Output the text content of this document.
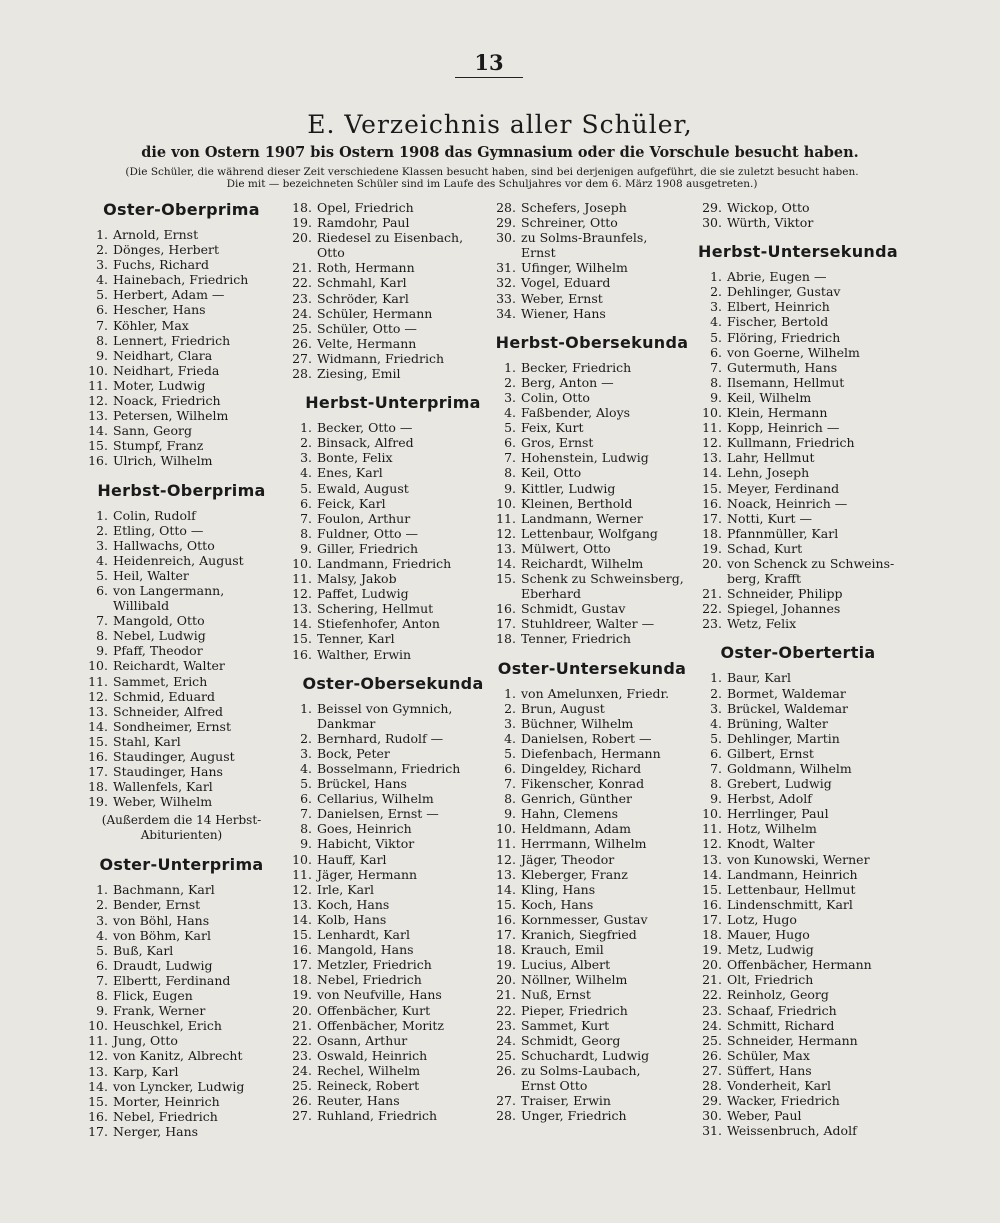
13
E. Verzeichnis aller Schüler,
die von Ostern 1907 bis Ostern 1908 das Gymnasium oder die Vorschule besucht haben.
(Die Schüler, die während dieser Zeit verschiedene Klassen besucht haben, sind bei derjenigen aufgeführt, die sie zuletzt besucht haben.
Die mit — bezeichneten Schüler sind im Laufe des Schuljahres vor dem 6. März 1908 ausgetreten.)
Oster-Oberprima
1. Arnold, Ernst
2. Dönges, Herbert
3. Fuchs, Richard
4. Hainebach, Friedrich
5. Herbert, Adam —
6. Hescher, Hans
7. Köhler, Max
8. Lennert, Friedrich
9. Neidhart, Clara
10. Neidhart, Frieda
11. Moter, Ludwig
12. Noack, Friedrich
13. Petersen, Wilhelm
14. Sann, Georg
15. Stumpf, Franz
16. Ulrich, Wilhelm
Herbst-Oberprima
1. Colin, Rudolf
2. Etling, Otto —
3. Hallwachs, Otto
4. Heidenreich, August
5. Heil, Walter
6. von Langermann,
Willibald
7. Mangold, Otto
8. Nebel, Ludwig
9. Pfaff, Theodor
10. Reichardt, Walter
11. Sammet, Erich
12. Schmid, Eduard
13. Schneider, Alfred
14. Sondheimer, Ernst
15. Stahl, Karl
16. Staudinger, August
17. Staudinger, Hans
18. Wallenfels, Karl
19. Weber, Wilhelm
(Außerdem die 14 Herbst-Abiturienten)
Oster-Unterprima
1. Bachmann, Karl
2. Bender, Ernst
3. von Böhl, Hans
4. von Böhm, Karl
5. Buß, Karl
6. Draudt, Ludwig
7. Elbertt, Ferdinand
8. Flick, Eugen
9. Frank, Werner
10. Heuschkel, Erich
11. Jung, Otto
12. von Kanitz, Albrecht
13. Karp, Karl
14. von Lyncker, Ludwig
15. Morter, Heinrich
16. Nebel, Friedrich
17. Nerger, Hans
18. Opel, Friedrich
19. Ramdohr, Paul
20. Riedesel zu Eisenbach,
Otto
21. Roth, Hermann
22. Schmahl, Karl
23. Schröder, Karl
24. Schüler, Hermann
25. Schüler, Otto —
26. Velte, Hermann
27. Widmann, Friedrich
28. Ziesing, Emil
Herbst-Unterprima
1. Becker, Otto —
2. Binsack, Alfred
3. Bonte, Felix
4. Enes, Karl
5. Ewald, August
6. Feick, Karl
7. Foulon, Arthur
8. Fuldner, Otto —
9. Giller, Friedrich
10. Landmann, Friedrich
11. Malsy, Jakob
12. Paffet, Ludwig
13. Schering, Hellmut
14. Stiefenhofer, Anton
15. Tenner, Karl
16. Walther, Erwin
Oster-Obersekunda
1. Beissel von Gymnich,
Dankmar
2. Bernhard, Rudolf —
3. Bock, Peter
4. Bosselmann, Friedrich
5. Brückel, Hans
6. Cellarius, Wilhelm
7. Danielsen, Ernst —
8. Goes, Heinrich
9. Habicht, Viktor
10. Hauff, Karl
11. Jäger, Hermann
12. Irle, Karl
13. Koch, Hans
14. Kolb, Hans
15. Lenhardt, Karl
16. Mangold, Hans
17. Metzler, Friedrich
18. Nebel, Friedrich
19. von Neufville, Hans
20. Offenbächer, Kurt
21. Offenbächer, Moritz
22. Osann, Arthur
23. Oswald, Heinrich
24. Rechel, Wilhelm
25. Reineck, Robert
26. Reuter, Hans
27. Ruhland, Friedrich
28. Schefers, Joseph
29. Schreiner, Otto
30. zu Solms-Braunfels,
Ernst
31. Ufinger, Wilhelm
32. Vogel, Eduard
33. Weber, Ernst
34. Wiener, Hans
Herbst-Obersekunda
1. Becker, Friedrich
2. Berg, Anton —
3. Colin, Otto
4. Faßbender, Aloys
5. Feix, Kurt
6. Gros, Ernst
7. Hohenstein, Ludwig
8. Keil, Otto
9. Kittler, Ludwig
10. Kleinen, Berthold
11. Landmann, Werner
12. Lettenbaur, Wolfgang
13. Mülwert, Otto
14. Reichardt, Wilhelm
15. Schenk zu Schweinsberg,
Eberhard
16. Schmidt, Gustav
17. Stuhldreer, Walter —
18. Tenner, Friedrich
Oster-Untersekunda
1. von Amelunxen, Friedr.
2. Brun, August
3. Büchner, Wilhelm
4. Danielsen, Robert —
5. Diefenbach, Hermann
6. Dingeldey, Richard
7. Fikenscher, Konrad
8. Genrich, Günther
9. Hahn, Clemens
10. Heldmann, Adam
11. Herrmann, Wilhelm
12. Jäger, Theodor
13. Kleberger, Franz
14. Kling, Hans
15. Koch, Hans
16. Kornmesser, Gustav
17. Kranich, Siegfried
18. Krauch, Emil
19. Lucius, Albert
20. Nöllner, Wilhelm
21. Nuß, Ernst
22. Pieper, Friedrich
23. Sammet, Kurt
24. Schmidt, Georg
25. Schuchardt, Ludwig
26. zu Solms-Laubach,
Ernst Otto
27. Traiser, Erwin
28. Unger, Friedrich
29. Wickop, Otto
30. Würth, Viktor
Herbst-Untersekunda
1. Abrie, Eugen —
2. Dehlinger, Gustav
3. Elbert, Heinrich
4. Fischer, Bertold
5. Flöring, Friedrich
6. von Goerne, Wilhelm
7. Gutermuth, Hans
8. Ilsemann, Hellmut
9. Keil, Wilhelm
10. Klein, Hermann
11. Kopp, Heinrich —
12. Kullmann, Friedrich
13. Lahr, Hellmut
14. Lehn, Joseph
15. Meyer, Ferdinand
16. Noack, Heinrich —
17. Notti, Kurt —
18. Pfannmüller, Karl
19. Schad, Kurt
20. von Schenck zu Schweins-
berg, Krafft
21. Schneider, Philipp
22. Spiegel, Johannes
23. Wetz, Felix
Oster-Obertertia
1. Baur, Karl
2. Bormet, Waldemar
3. Brückel, Waldemar
4. Brüning, Walter
5. Dehlinger, Martin
6. Gilbert, Ernst
7. Goldmann, Wilhelm
8. Grebert, Ludwig
9. Herbst, Adolf
10. Herrlinger, Paul
11. Hotz, Wilhelm
12. Knodt, Walter
13. von Kunowski, Werner
14. Landmann, Heinrich
15. Lettenbaur, Hellmut
16. Lindenschmitt, Karl
17. Lotz, Hugo
18. Mauer, Hugo
19. Metz, Ludwig
20. Offenbächer, Hermann
21. Olt, Friedrich
22. Reinholz, Georg
23. Schaaf, Friedrich
24. Schmitt, Richard
25. Schneider, Hermann
26. Schüler, Max
27. Süffert, Hans
28. Vonderheit, Karl
29. Wacker, Friedrich
30. Weber, Paul
31. Weissenbruch, Adolf
